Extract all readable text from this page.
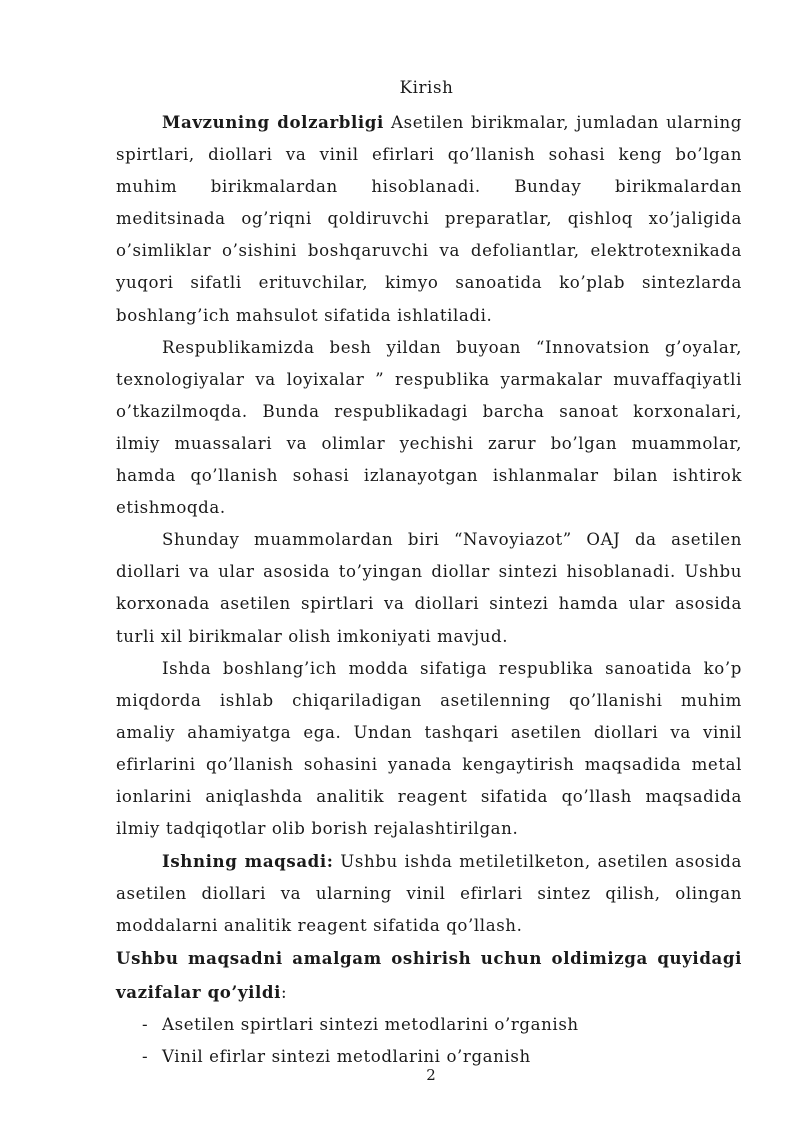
Kirish

Mavzuning dolzarbligi Asetilen birikmalar, jumladan ularning spirtlari, diollari va vinil efirlari qo’llanish sohasi keng bo’lgan muhim birikmalardan hisoblanadi. Bunday birikmalardan meditsinada og’riqni qoldiruvchi preparatlar, qishloq xo’jaligida o’simliklar o’sishini boshqaruvchi va defoliantlar, elektrotexnikada yuqori sifatli erituvchilar, kimyo sanoatida ko’plab sintezlarda boshlang’ich mahsulot sifatida ishlatiladi.

Respublikamizda besh yildan buyoan “Innovatsion g’oyalar, texnologiyalar va loyixalar ” respublika yarmakalar muvaffaqiyatli o’tkazilmoqda. Bunda respublikadagi barcha sanoat korxonalari, ilmiy muassalari va olimlar yechishi zarur bo’lgan muammolar, hamda qo’llanish sohasi izlanayotgan ishlanmalar bilan ishtirok etishmoqda.

Shunday muammolardan biri “Navoyiazot” OAJ da asetilen diollari va ular asosida to’yingan diollar sintezi hisoblanadi. Ushbu korxonada asetilen spirtlari va diollari sintezi hamda ular asosida turli xil birikmalar olish imkoniyati mavjud.

Ishda boshlang’ich modda sifatiga respublika sanoatida ko’p miqdorda ishlab chiqariladigan asetilenning qo’llanishi muhim amaliy ahamiyatga ega. Undan tashqari asetilen diollari va vinil efirlarini qo’llanish sohasini yanada kengaytirish maqsadida metal ionlarini aniqlashda analitik reagent sifatida qo’llash maqsadida ilmiy tadqiqotlar olib borish rejalashtirilgan.

Ishning maqsadi: Ushbu ishda metiletilketon, asetilen asosida asetilen diollari va ularning vinil efirlari sintez qilish, olingan moddalarni analitik reagent sifatida qo’llash.

Ushbu maqsadni amalgam oshirish uchun oldimizga quyidagi vazifalar qo’yildi:

- Asetilen spirtlari sintezi metodlarini o’rganish
- Vinil efirlar sintezi metodlarini o’rganish
2
